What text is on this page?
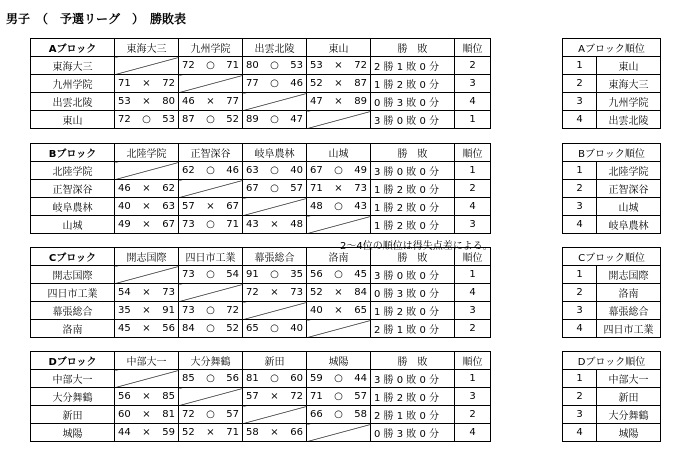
男子　（　予選リーグ　）　勝敗表
Aブロック	東海大三	九州学院	出雲北陵	東山	勝　敗	順位
東海大三		72 ○ 71	80 ○ 53	53 × 72	2 勝 1 敗 0 分	2
九州学院	71 × 72		77 ○ 46	52 × 87	1 勝 2 敗 0 分	3
出雲北陵	53 × 80	46 × 77		47 × 89	0 勝 3 敗 0 分	4
東山	72 ○ 53	87 ○ 52	89 ○ 47		3 勝 0 敗 0 分	1
Aブロック順位	
1	東山
2	東海大三
3	九州学院
4	出雲北陵
Bブロック	北陸学院	正智深谷	岐阜農林	山城	勝　敗	順位
北陸学院		62 ○ 46	63 ○ 40	67 ○ 49	3 勝 0 敗 0 分	1
正智深谷	46 × 62		67 ○ 57	71 × 73	1 勝 2 敗 0 分	2
岐阜農林	40 × 63	57 × 67		48 ○ 43	1 勝 2 敗 0 分	4
山城	49 × 67	73 ○ 71	43 × 48		1 勝 2 敗 0 分	3
Bブロック順位	
1	北陸学院
2	正智深谷
3	山城
4	岐阜農林
Cブロック	開志国際	四日市工業	幕張総合	洛南	勝　敗	順位
開志国際		73 ○ 54	91 ○ 35	56 ○ 45	3 勝 0 敗 0 分	1
四日市工業	54 × 73		72 × 73	52 × 84	0 勝 3 敗 0 分	4
幕張総合	35 × 91	73 ○ 72		40 × 65	1 勝 2 敗 0 分	3
洛南	45 × 56	84 ○ 52	65 ○ 40		2 勝 1 敗 0 分	2
Cブロック順位	
1	開志国際
2	洛南
3	幕張総合
4	四日市工業
Dブロック	中部大一	大分舞鶴	新田	城陽	勝　敗	順位
中部大一		85 ○ 56	81 ○ 60	59 ○ 44	3 勝 0 敗 0 分	1
大分舞鶴	56 × 85		57 × 72	71 ○ 57	1 勝 2 敗 0 分	3
新田	60 × 81	72 ○ 57		66 ○ 58	2 勝 1 敗 0 分	2
城陽	44 × 59	52 × 71	58 × 66		0 勝 3 敗 0 分	4
Dブロック順位	
1	中部大一
2	新田
3	大分舞鶴
4	城陽
2～4位の順位は得失点差による。
